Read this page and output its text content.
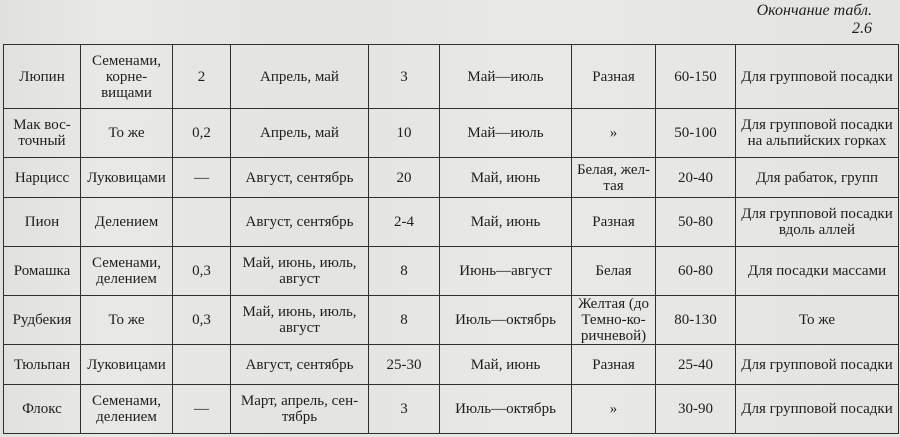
Окончание табл.
2.6
Люпин	Семенами, корне- вищами	2	Апрель, май	3	Май—июль	Разная	60-150	Для групповой посадки
Мак вос- точный	То же	0,2	Апрель, май	10	Май—июль	»	50-100	Для групповой посадки на альпийских горках
Нарцисс	Луковицами	—	Август, сентябрь	20	Май, июнь	Белая, жел- тая	20-40	Для рабаток, групп
Пион	Делением		Август, сентябрь	2-4	Май, июнь	Разная	50-80	Для групповой посадки вдоль аллей
Ромашка	Семенами, делением	0,3	Май, июнь, июль, август	8	Июнь—август	Белая	60-80	Для посадки массами
Рудбекия	То же	0,3	Май, июнь, июль, август	8	Июль—октябрь	Желтая (до Темно-ко- ричневой)	80-130	То же
Тюльпан	Луковицами		Август, сентябрь	25-30	Май, июнь	Разная	25-40	Для групповой посадки
Флокс	Семенами, делением	—	Март, апрель, сен- тябрь	3	Июль—октябрь	»	30-90	Для групповой посадки
